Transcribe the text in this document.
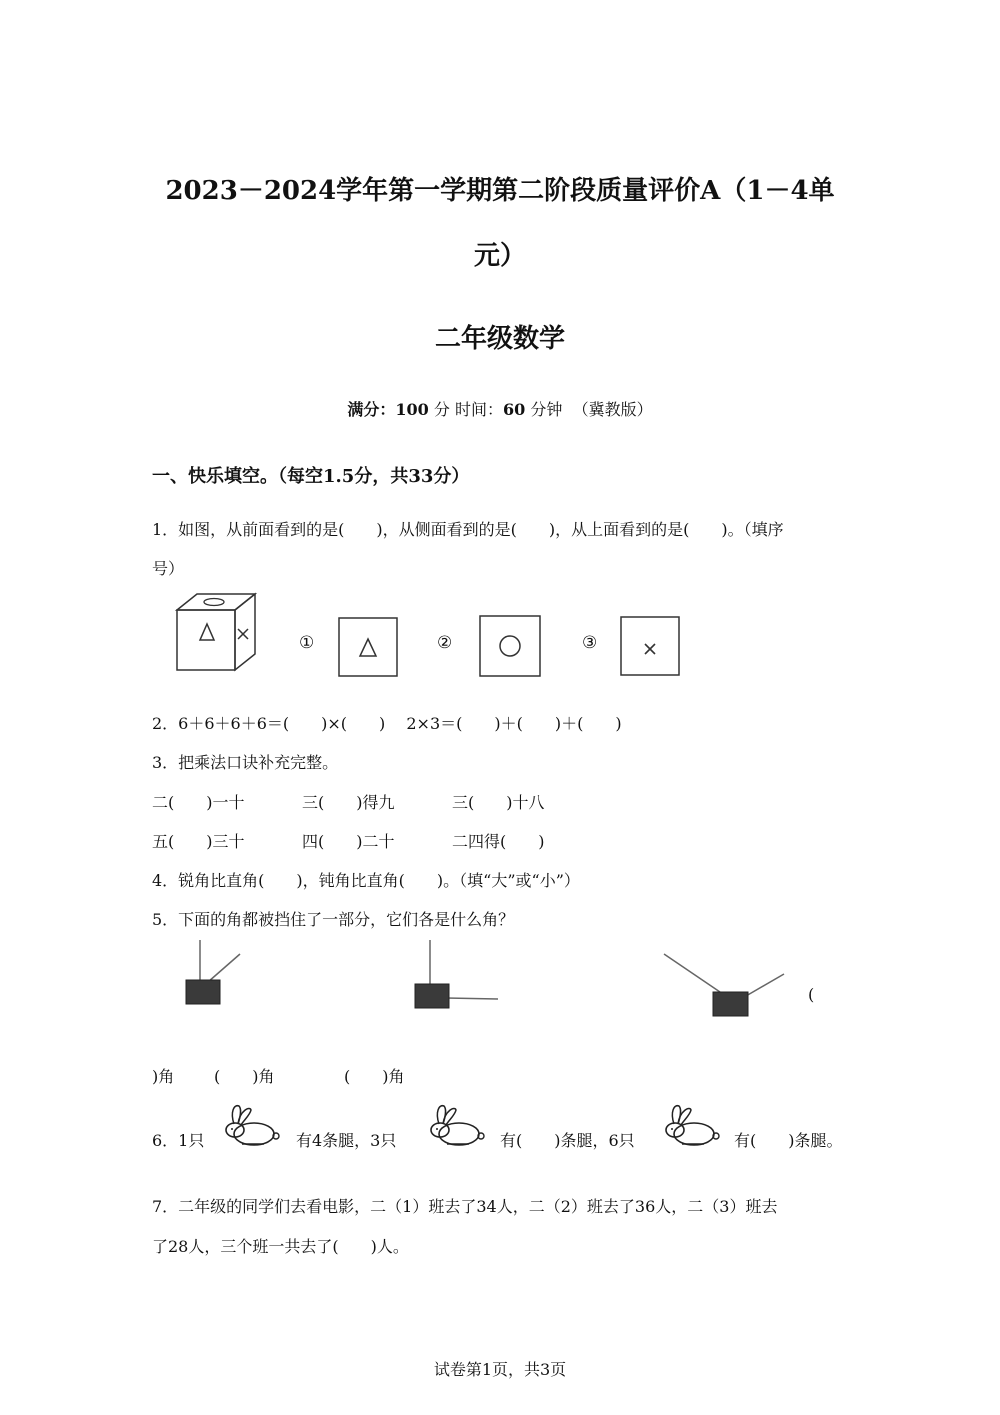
2023－2024学年第一学期第二阶段质量评价A（1－4单
元）
二年级数学
满分：100 分 时间：60 分钟 （冀教版）
一、快乐填空。（每空1.5分，共33分）
1．如图，从前面看到的是(　　)，从侧面看到的是(　　)，从上面看到的是(　　)。（填序
号）
①	②	③
2．6＋6＋6＋6＝(　　)×(　　)　 2×3＝(　　)＋(　　)＋(　　)
3．把乘法口诀补充完整。
二(　　)一十	三(　　)得九	三(　　)十八
五(　　)三十	四(　　)二十	二四得(　　)
4．锐角比直角(　　)，钝角比直角(　　)。（填“大”或“小”）
5．下面的角都被挡住了一部分，它们各是什么角？
(
)角 (　　)角	(　　)角
6．1只	有4条腿，3只	有(　　)条腿，6只	有(　　)条腿。
7．二年级的同学们去看电影，二（1）班去了34人，二（2）班去了36人，二（3）班去
了28人，三个班一共去了(　　)人。
试卷第1页，共3页
